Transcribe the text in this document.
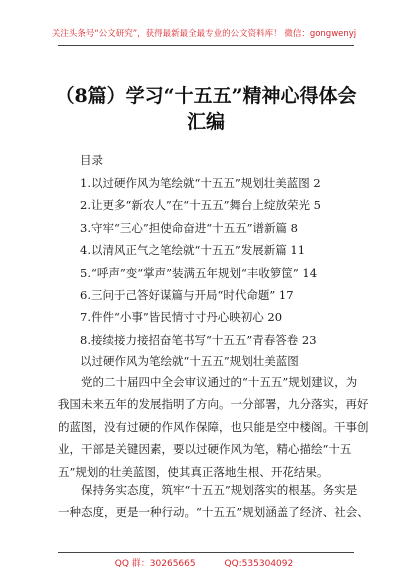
关注头条号“公文研究”，获得最新最全最专业的公文资料库！ 微信：gongwenyj
（8篇）学习“十五五”精神心得体会汇编
目录
1.以过硬作风为笔绘就“十五五”规划壮美蓝图 2
2.让更多“新农人”在“十五五”舞台上绽放荣光 5
3.守牢“三心”担使命奋进“十五五”谱新篇 8
4.以清风正气之笔绘就“十五五”发展新篇 11
5.“呼声”变“掌声”装满五年规划“丰收箩筐” 14
6.三问于己答好谋篇与开局“时代命题” 17
7.件件“小事”皆民情寸寸丹心映初心 20
8.接续接力接招奋笔书写“十五五”青春答卷 23
以过硬作风为笔绘就“十五五”规划壮美蓝图

党的二十届四中全会审议通过的“十五五”规划建议，为
我国未来五年的发展指明了方向。一分部署，九分落实，再好
的蓝图，没有过硬的作风作保障，也只能是空中楼阁。干事创
业，干部是关键因素，要以过硬作风为笔，精心描绘“十五
五”规划的壮美蓝图，使其真正落地生根、开花结果。

保持务实态度，筑牢“十五五”规划落实的根基。务实是
一种态度，更是一种行动。“十五五”规划涵盖了经济、社会、

QQ 群：30265665	QQ:535304092
